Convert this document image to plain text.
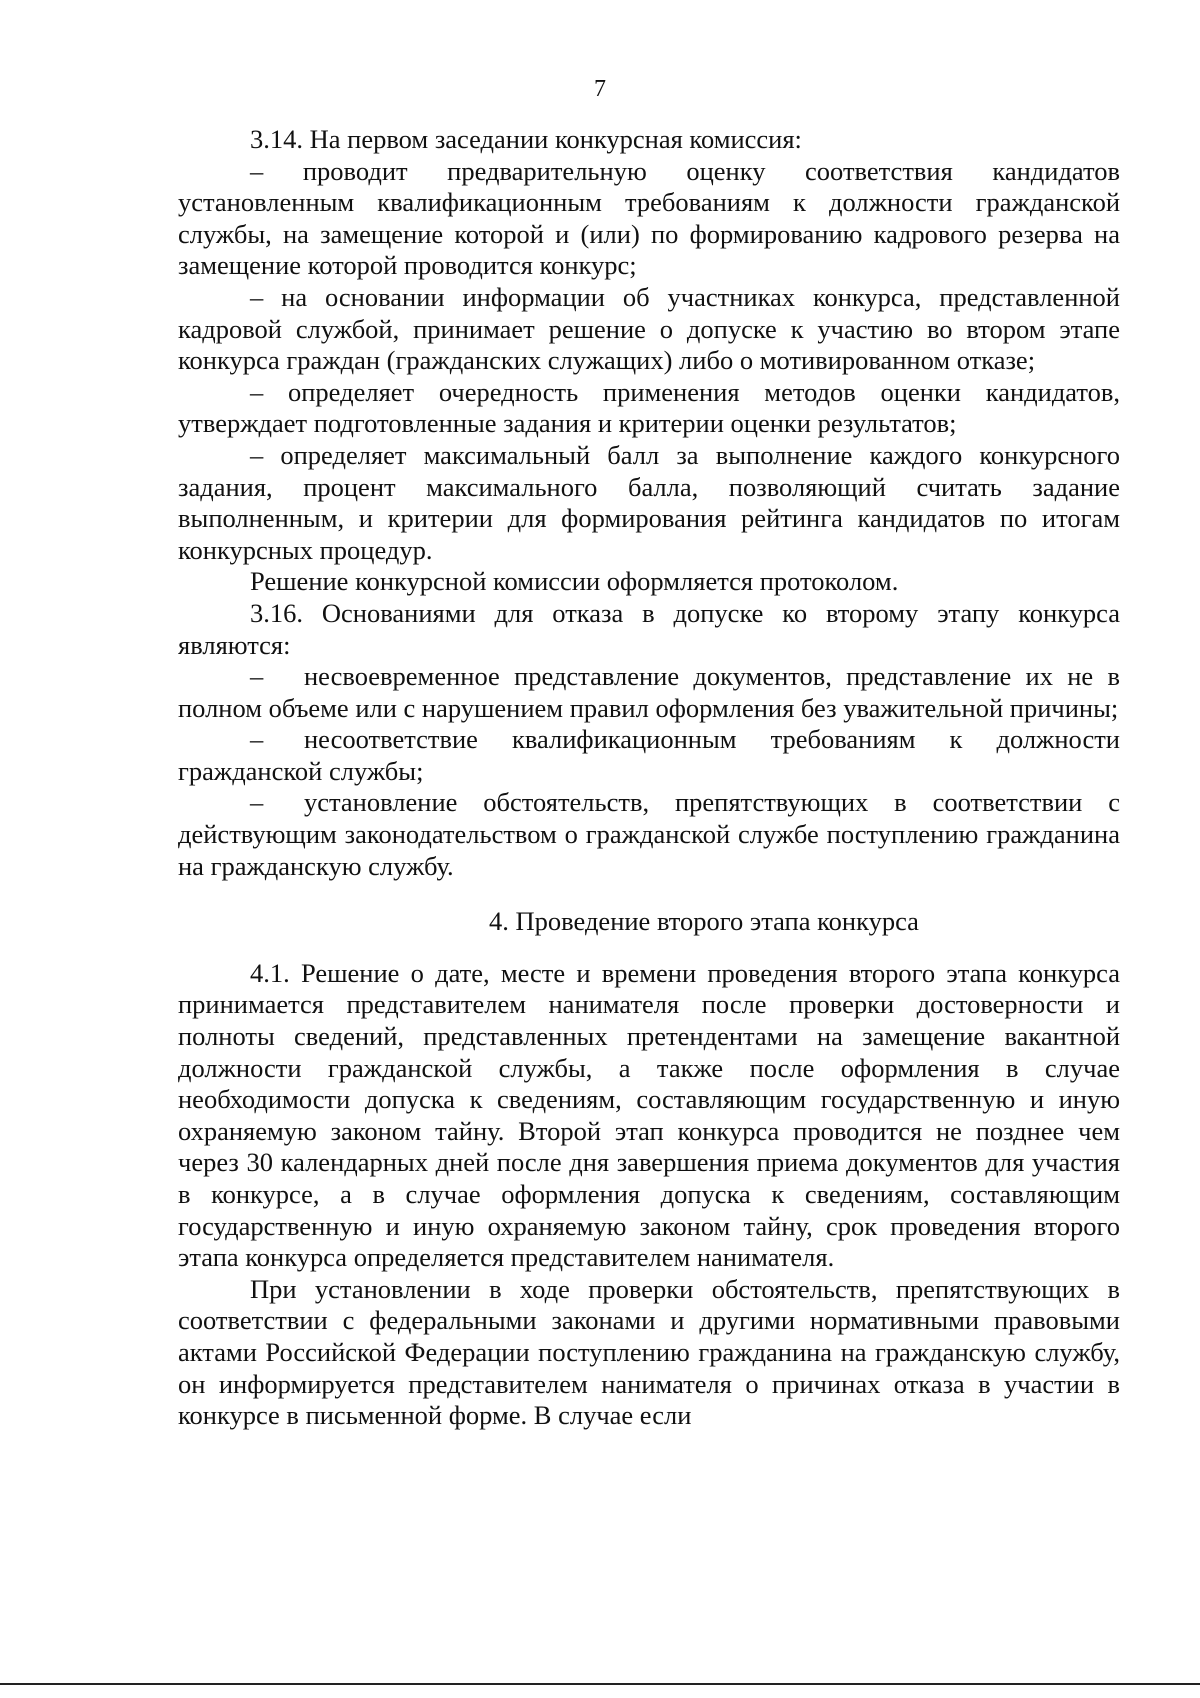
7

3.14. На первом заседании конкурсная комиссия:

– проводит предварительную оценку соответствия кандидатов установленным квалификационным требованиям к должности гражданской службы, на замещение которой и (или) по формированию кадрового резерва на замещение которой проводится конкурс;

– на основании информации об участниках конкурса, представленной кадровой службой, принимает решение о допуске к участию во втором этапе конкурса граждан (гражданских служащих) либо о мотивированном отказе;

– определяет очередность применения методов оценки кандидатов, утверждает подготовленные задания и критерии оценки результатов;

– определяет максимальный балл за выполнение каждого конкурсного задания, процент максимального балла, позволяющий считать задание выполненным, и критерии для формирования рейтинга кандидатов по итогам конкурсных процедур.

Решение конкурсной комиссии оформляется протоколом.

3.16. Основаниями для отказа в допуске ко второму этапу конкурса являются:

– несвоевременное представление документов, представление их не в полном объеме или с нарушением правил оформления без уважительной причины;

– несоответствие квалификационным требованиям к должности гражданской службы;

– установление обстоятельств, препятствующих в соответствии с действующим законодательством о гражданской службе поступлению гражданина на гражданскую службу.

4. Проведение второго этапа конкурса

4.1. Решение о дате, месте и времени проведения второго этапа конкурса принимается представителем нанимателя после проверки достоверности и полноты сведений, представленных претендентами на замещение вакантной должности гражданской службы, а также после оформления в случае необходимости допуска к сведениям, составляющим государственную и иную охраняемую законом тайну. Второй этап конкурса проводится не позднее чем через 30 календарных дней после дня завершения приема документов для участия в конкурсе, а в случае оформления допуска к сведениям, составляющим государственную и иную охраняемую законом тайну, срок проведения второго этапа конкурса определяется представителем нанимателя.

При установлении в ходе проверки обстоятельств, препятствующих в соответствии с федеральными законами и другими нормативными правовыми актами Российской Федерации поступлению гражданина на гражданскую службу, он информируется представителем нанимателя о причинах отказа в участии в конкурсе в письменной форме. В случае если
